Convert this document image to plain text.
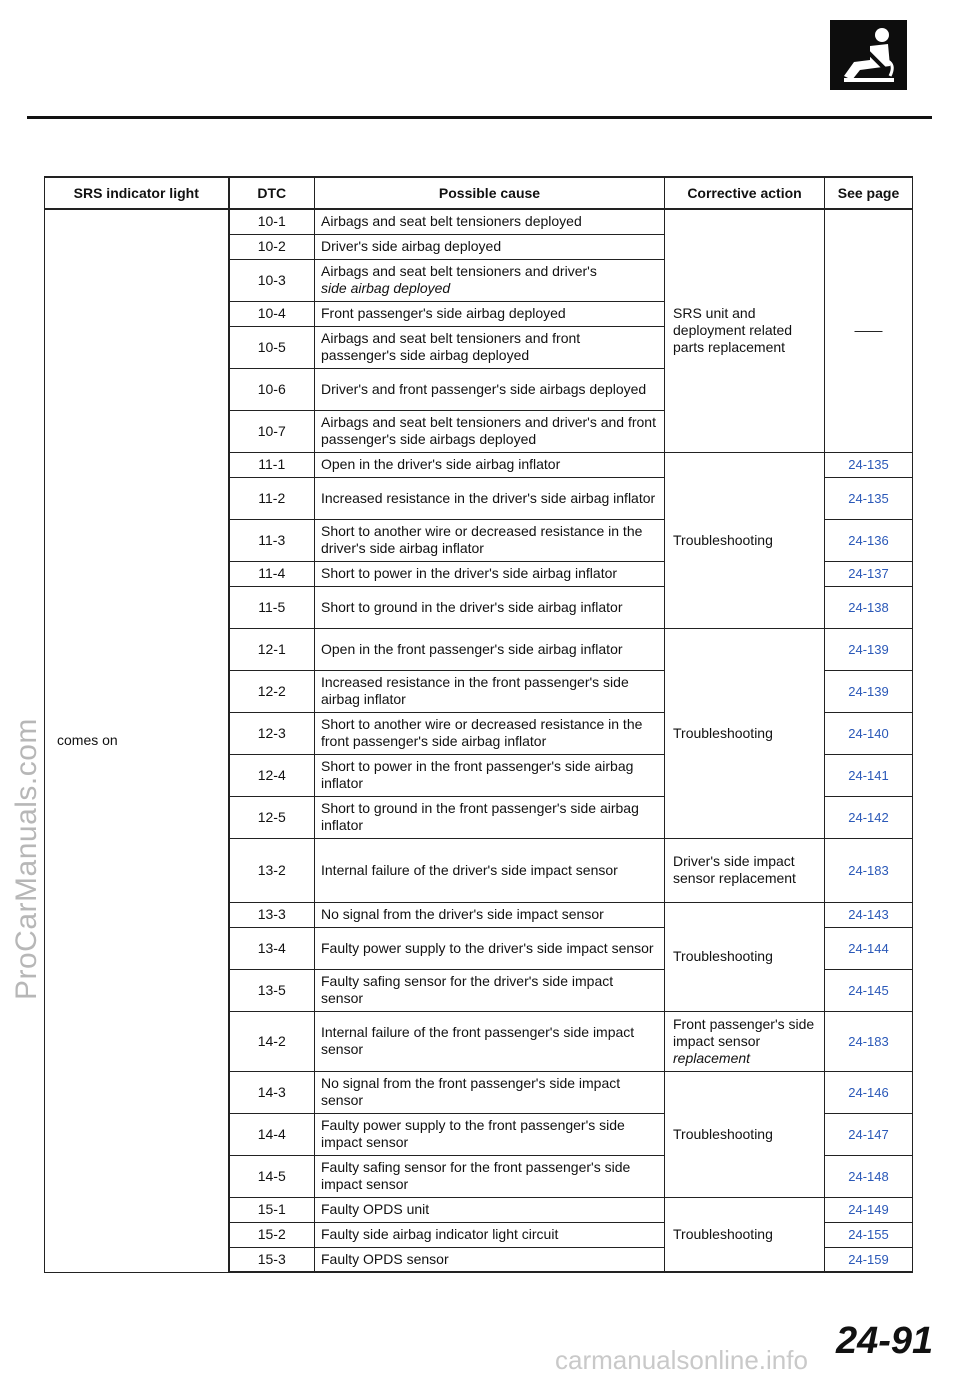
ProCarManuals.com
SRS indicator light	DTC	Possible cause	Corrective action	See page
comes on	10-1	Airbags and seat belt tensioners deployed	SRS unit and deployment related parts replacement	——
	10-2	Driver's side airbag deployed		
	10-3	Airbags and seat belt tensioners and driver's
side airbag deployed		
	10-4	Front passenger's side airbag deployed		
	10-5	Airbags and seat belt tensioners and front passenger's side airbag deployed		
	10-6	Driver's and front passenger's side airbags deployed		
	10-7	Airbags and seat belt tensioners and driver's and front passenger's side airbags deployed		
	11-1	Open in the driver's side airbag inflator	Troubleshooting	24-135
	11-2	Increased resistance in the driver's side airbag inflator		24-135
	11-3	Short to another wire or decreased resistance in the driver's side airbag inflator		24-136
	11-4	Short to power in the driver's side airbag inflator		24-137
	11-5	Short to ground in the driver's side airbag inflator		24-138
	12-1	Open in the front passenger's side airbag inflator	Troubleshooting	24-139
	12-2	Increased resistance in the front passenger's side airbag inflator		24-139
	12-3	Short to another wire or decreased resistance in the front passenger's side airbag inflator		24-140
	12-4	Short to power in the front passenger's side airbag inflator		24-141
	12-5	Short to ground in the front passenger's side airbag inflator		24-142
	13-2	Internal failure of the driver's side impact sensor	Driver's side impact sensor replacement	24-183
	13-3	No signal from the driver's side impact sensor	Troubleshooting	24-143
	13-4	Faulty power supply to the driver's side impact sensor		24-144
	13-5	Faulty safing sensor for the driver's side impact sensor		24-145
	14-2	Internal failure of the front passenger's side impact sensor	Front passenger's side impact sensor
replacement	24-183
	14-3	No signal from the front passenger's side impact sensor	Troubleshooting	24-146
	14-4	Faulty power supply to the front passenger's side impact sensor		24-147
	14-5	Faulty safing sensor for the front passenger's side impact sensor		24-148
	15-1	Faulty OPDS unit	Troubleshooting	24-149
	15-2	Faulty side airbag indicator light circuit		24-155
	15-3	Faulty OPDS sensor		24-159
24-91
carmanualsonline.info
